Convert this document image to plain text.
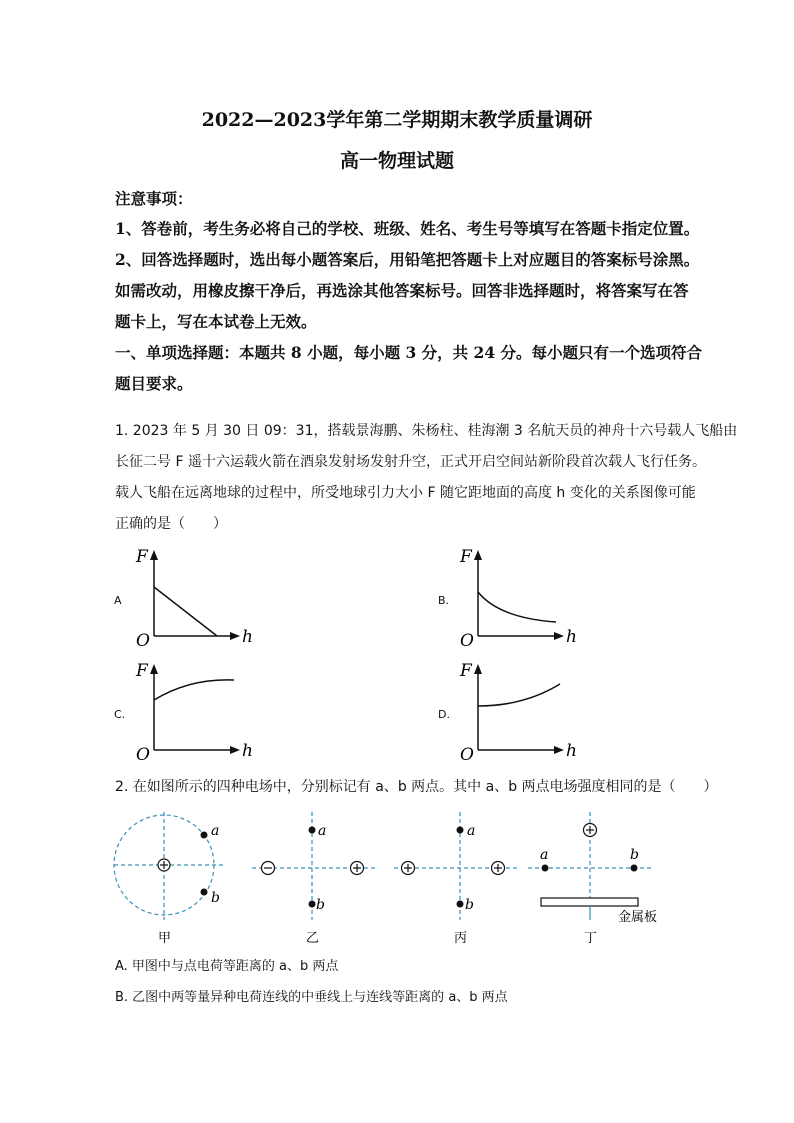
2022—2023学年第二学期期末教学质量调研
高一物理试题
注意事项：
1、答卷前，考生务必将自己的学校、班级、姓名、考生号等填写在答题卡指定位置。
2、回答选择题时，选出每小题答案后，用铅笔把答题卡上对应题目的答案标号涂黑。
如需改动，用橡皮擦干净后，再选涂其他答案标号。回答非选择题时，将答案写在答
题卡上，写在本试卷上无效。
一、单项选择题：本题共 8 小题，每小题 3 分，共 24 分。每小题只有一个选项符合
题目要求。
1. 2023 年 5 月 30 日 09：31，搭载景海鹏、朱杨柱、桂海潮 3 名航天员的神舟十六号载人飞船由
长征二号 F 遥十六运载火箭在酒泉发射场发射升空，正式开启空间站新阶段首次载人飞行任务。
载人飞船在远离地球的过程中，所受地球引力大小 F 随它距地面的高度 h 变化的关系图像可能
正确的是（　　）
A	B.
C.	D.
F
h
O
F
h
O
F
h
O
F
h
O
2. 在如图所示的四种电场中，分别标记有 a、b 两点。其中 a、b 两点电场强度相同的是（　　）
a
b
甲
a
b
乙
a
b
丙
a	b
金属板
丁
A. 甲图中与点电荷等距离的 a、b 两点
B. 乙图中两等量异种电荷连线的中垂线上与连线等距离的 a、b 两点
